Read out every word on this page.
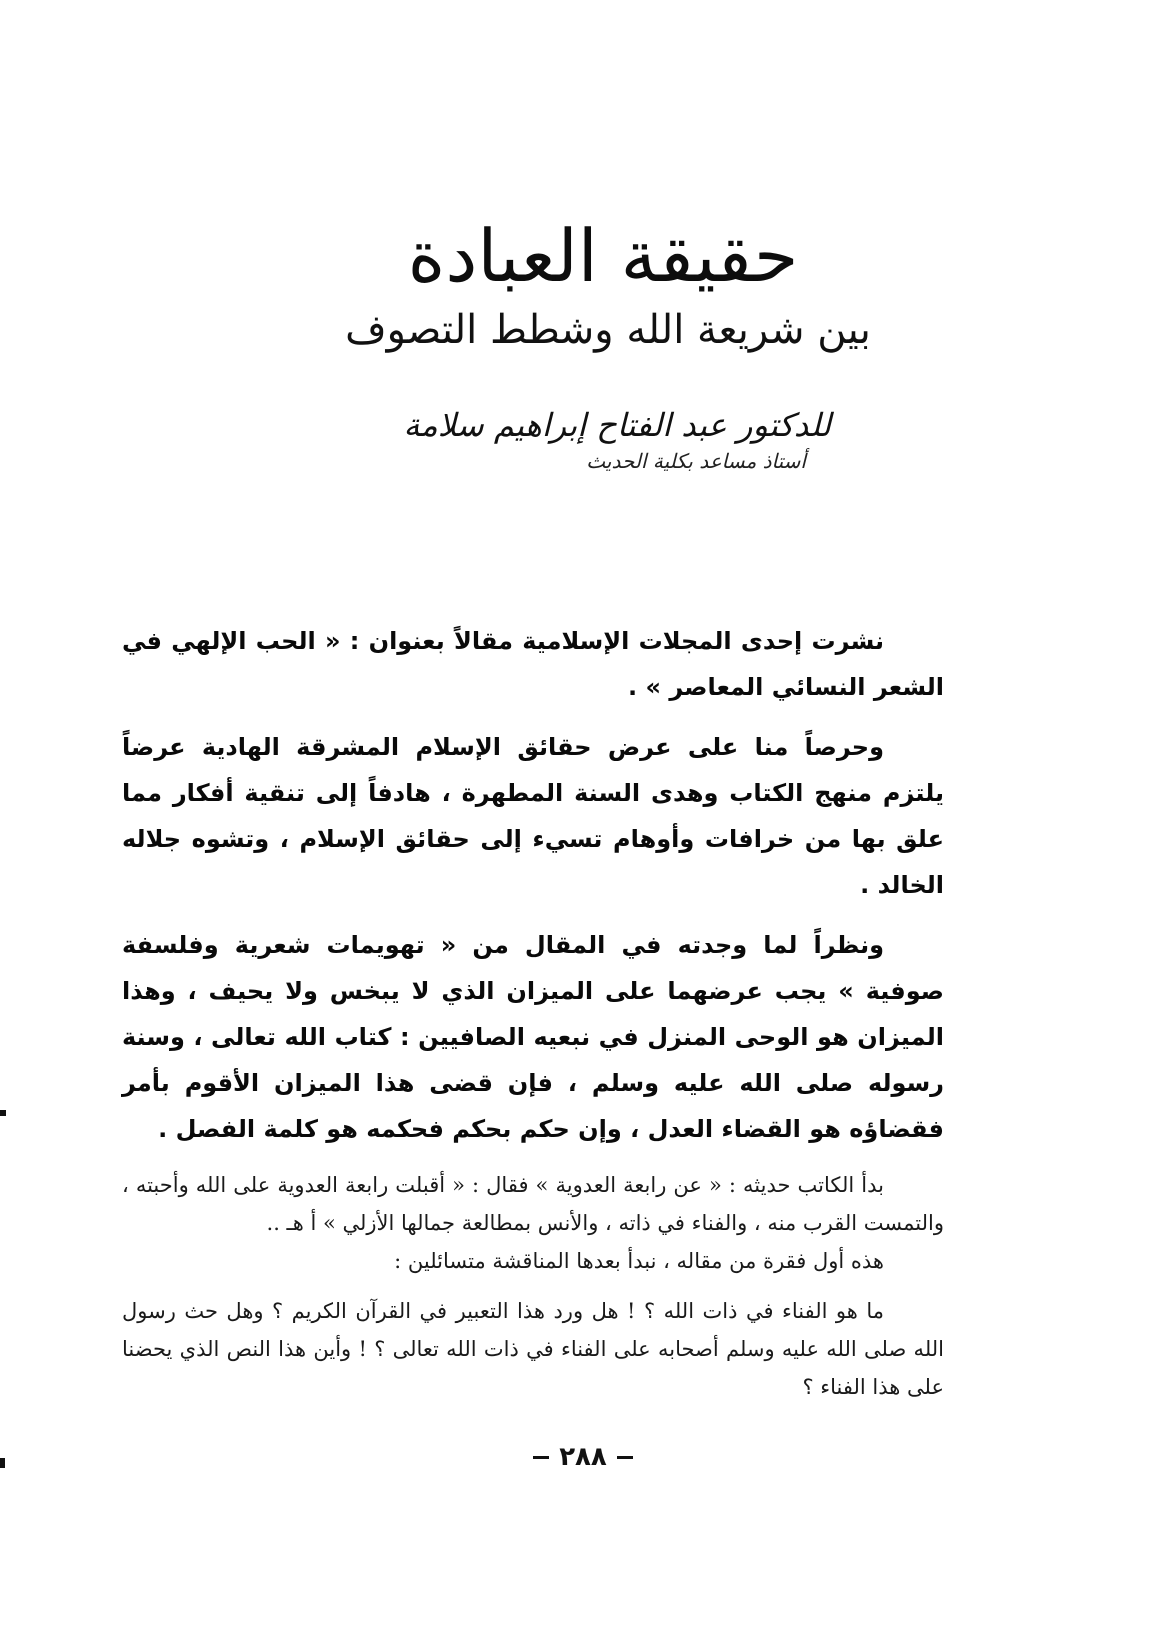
حقيقة العبادة
بين شريعة الله وشطط التصوف
للدكتور عبد الفتاح إبراهيم سلامة
أستاذ مساعد بكلية الحديث

نشرت إحدى المجلات الإسلامية مقالاً بعنوان : « الحب الإلهي في الشعر النسائي المعاصر » .

وحرصاً منا على عرض حقائق الإسلام المشرقة الهادية عرضاً يلتزم منهج الكتاب وهدى السنة المطهرة ، هادفاً إلى تنقية أفكار مما علق بها من خرافات وأوهام تسيء إلى حقائق الإسلام ، وتشوه جلاله الخالد .

ونظراً لما وجدته في المقال من « تهويمات شعرية وفلسفة صوفية » يجب عرضهما على الميزان الذي لا يبخس ولا يحيف ، وهذا الميزان هو الوحى المنزل في نبعيه الصافيين : كتاب الله تعالى ، وسنة رسوله صلى الله عليه وسلم ، فإن قضى هذا الميزان الأقوم بأمر فقضاؤه هو القضاء العدل ، وإن حكم بحكم فحكمه هو كلمة الفصل .

بدأ الكاتب حديثه : « عن رابعة العدوية » فقال : « أقبلت رابعة العدوية على الله وأحبته ، والتمست القرب منه ، والفناء في ذاته ، والأنس بمطالعة جمالها الأزلي » أ هـ ..

هذه أول فقرة من مقاله ، نبدأ بعدها المناقشة متسائلين :

ما هو الفناء في ذات الله ؟ ! هل ورد هذا التعبير في القرآن الكريم ؟ وهل حث رسول الله صلى الله عليه وسلم أصحابه على الفناء في ذات الله تعالى ؟ ! وأين هذا النص الذي يحضنا على هذا الفناء ؟

٢٨٨
